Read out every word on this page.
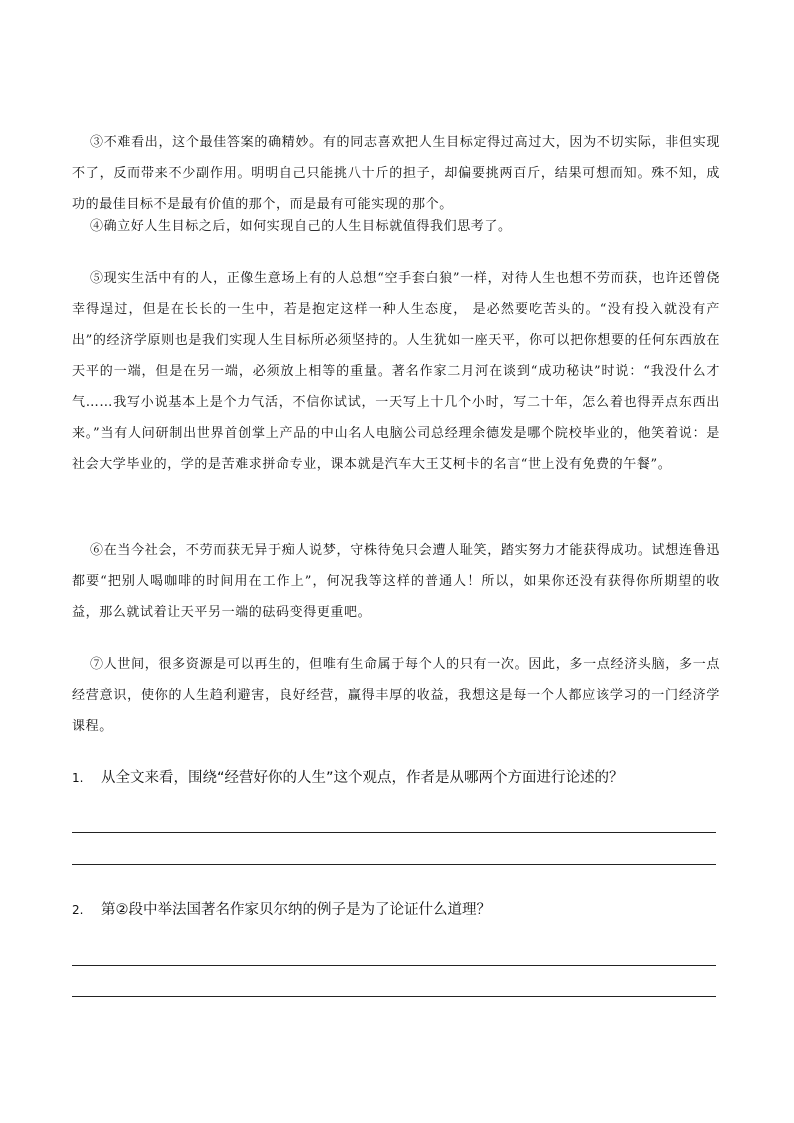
③不难看出，这个最佳答案的确精妙。有的同志喜欢把人生目标定得过高过大，因为不切实际，非但实现不了，反而带来不少副作用。明明自己只能挑八十斤的担子，却偏要挑两百斤，结果可想而知。殊不知，成功的最佳目标不是最有价值的那个，而是最有可能实现的那个。

④确立好人生目标之后，如何实现自己的人生目标就值得我们思考了。

⑤现实生活中有的人，正像生意场上有的人总想“空手套白狼”一样，对待人生也想不劳而获，也许还曾侥幸得逞过，但是在长长的一生中，若是抱定这样一种人生态度， 是必然要吃苦头的。“没有投入就没有产出”的经济学原则也是我们实现人生目标所必须坚持的。人生犹如一座天平，你可以把你想要的任何东西放在天平的一端，但是在另一端，必须放上相等的重量。著名作家二月河在谈到“成功秘诀”时说：“我没什么才气……我写小说基本上是个力气活，不信你试试，一天写上十几个小时，写二十年，怎么着也得弄点东西出来。”当有人问研制出世界首创掌上产品的中山名人电脑公司总经理余德发是哪个院校毕业的，他笑着说：是社会大学毕业的，学的是苦难求拼命专业，课本就是汽车大王艾柯卡的名言“世上没有免费的午餐”。

⑥在当今社会，不劳而获无异于痴人说梦，守株待兔只会遭人耻笑，踏实努力才能获得成功。试想连鲁迅都要“把别人喝咖啡的时间用在工作上”，何况我等这样的普通人！所以，如果你还没有获得你所期望的收益，那么就试着让天平另一端的砝码变得更重吧。

⑦人世间，很多资源是可以再生的，但唯有生命属于每个人的只有一次。因此，多一点经济头脑，多一点经营意识，使你的人生趋利避害，良好经营，赢得丰厚的收益，我想这是每一个人都应该学习的一门经济学课程。

1. 从全文来看，围绕“经营好你的人生”这个观点，作者是从哪两个方面进行论述的？

2. 第②段中举法国著名作家贝尔纳的例子是为了论证什么道理？
